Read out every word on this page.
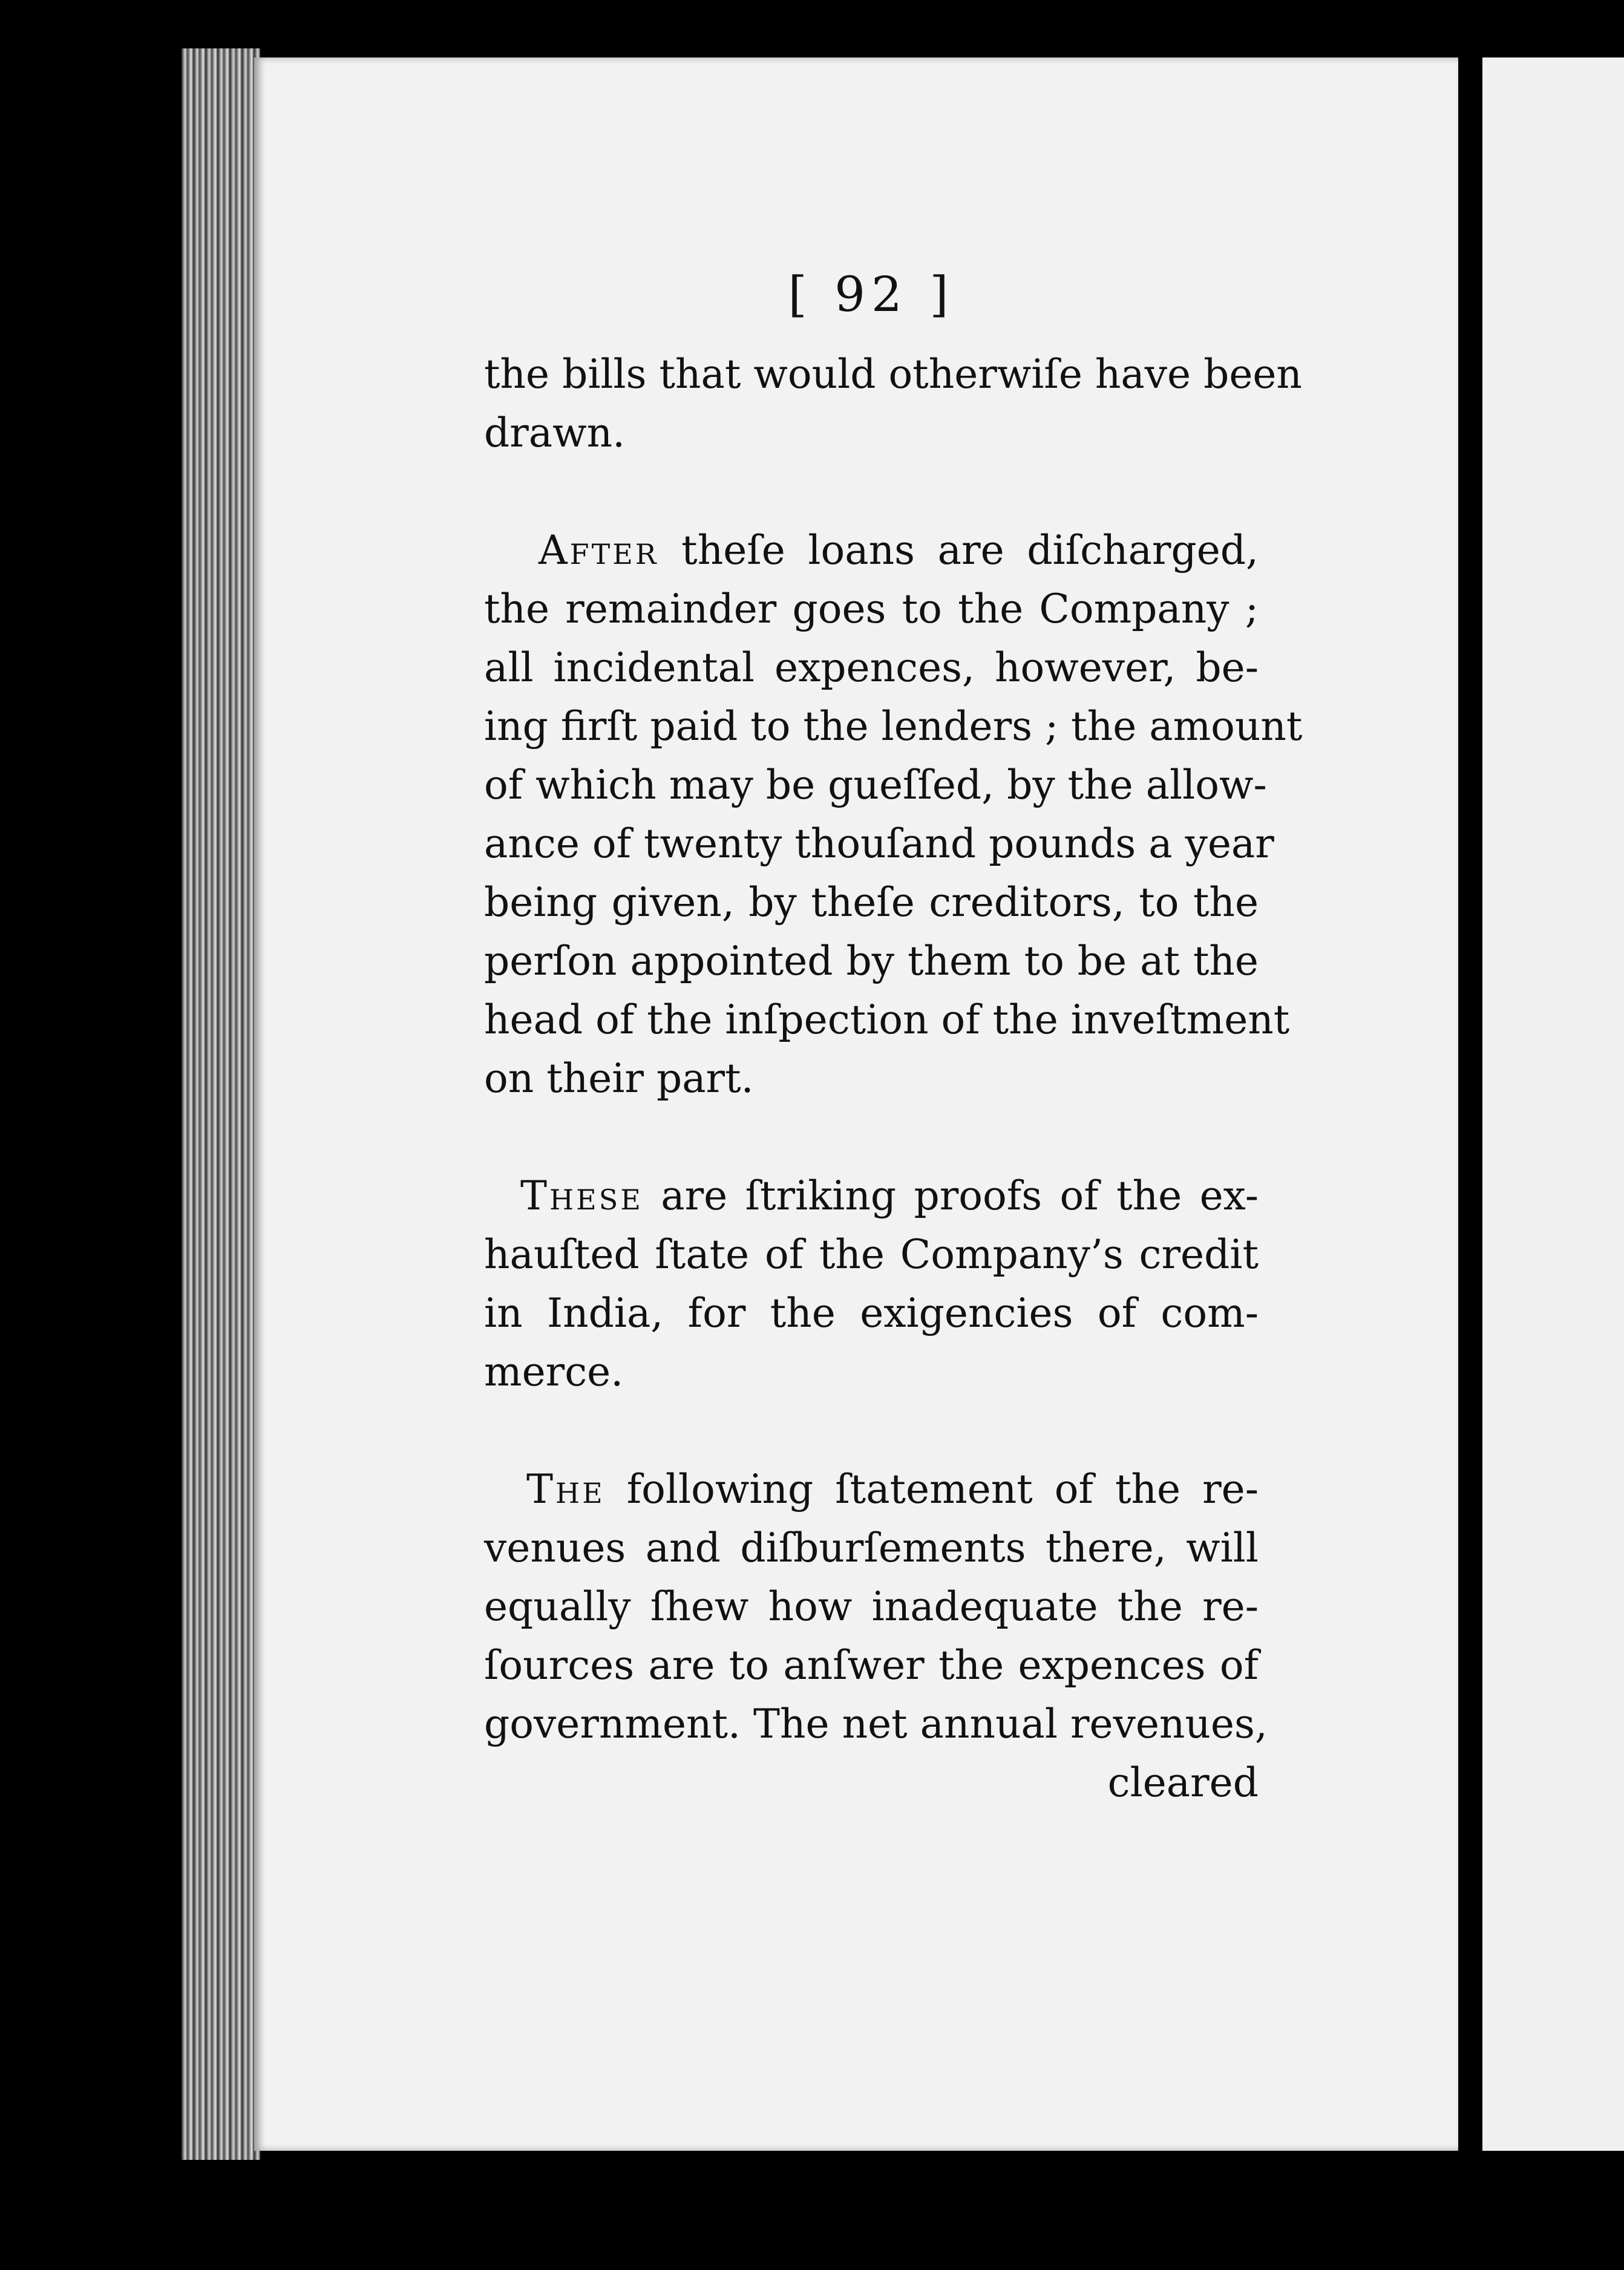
[ 92 ]
the bills that would otherwiſe have been
drawn.
After theſe loans are diſcharged,
the remainder goes to the Company ;
all incidental expences, however, be-
ing firſt paid to the lenders ; the amount
of which may be gueſſed, by the allow-
ance of twenty thouſand pounds a year
being given, by theſe creditors, to the
perſon appointed by them to be at the
head of the inſpection of the inveſtment
on their part.
These are ſtriking proofs of the ex-
hauſted ſtate of the Company’s credit
in India, for the exigencies of com-
merce.
The following ſtatement of the re-
venues and diſburſements there, will
equally ſhew how inadequate the re-
ſources are to anſwer the expences of
government. The net annual revenues,
cleared
